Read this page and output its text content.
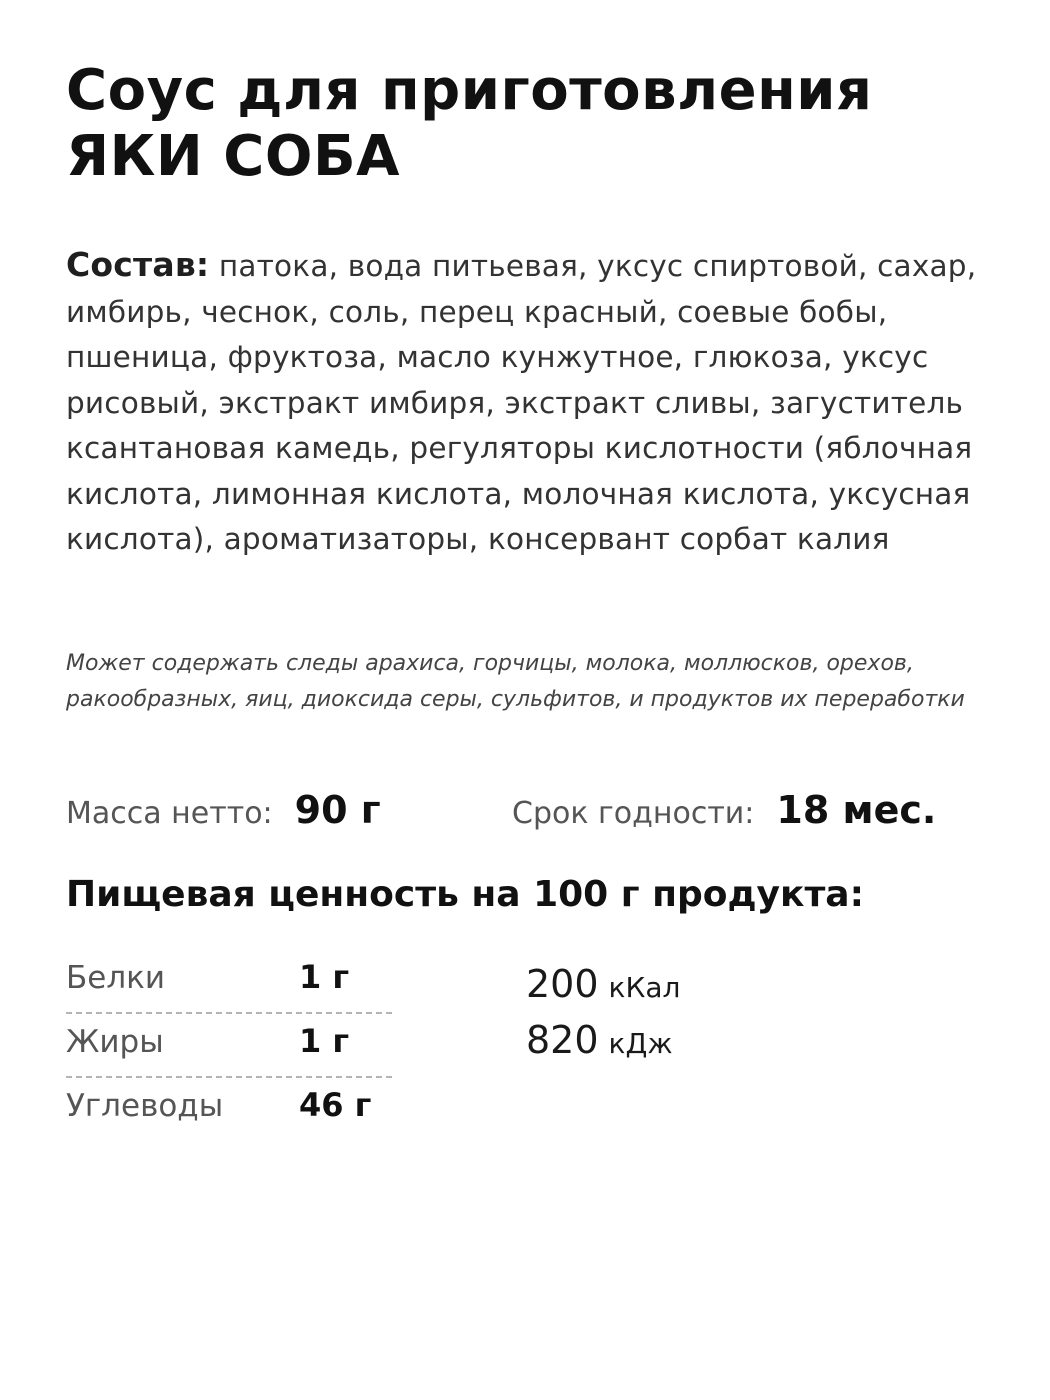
Соус для приготовления
ЯКИ СОБА

Состав: патока, вода питьевая, уксус спиртовой, сахар, имбирь, чеснок, соль, перец красный, соевые бобы, пшеница, фруктоза, масло кунжутное, глюкоза, уксус рисовый, экстракт имбиря, экстракт сливы, загуститель ксантановая камедь, регуляторы кислотности (яблочная кислота, лимонная кислота, молочная кислота, уксусная кислота), ароматизаторы, консервант сорбат калия

Может содержать следы арахиса, горчицы, молока, моллюсков, орехов, ракообразных, яиц, диоксида серы, сульфитов, и продуктов их переработки

Масса нетто: 90 г	Срок годности: 18 мес.
Пищевая ценность на 100 г продукта:
Белки	1 г
Жиры	1 г
Углеводы 46 г
200 кКал
820 кДж
